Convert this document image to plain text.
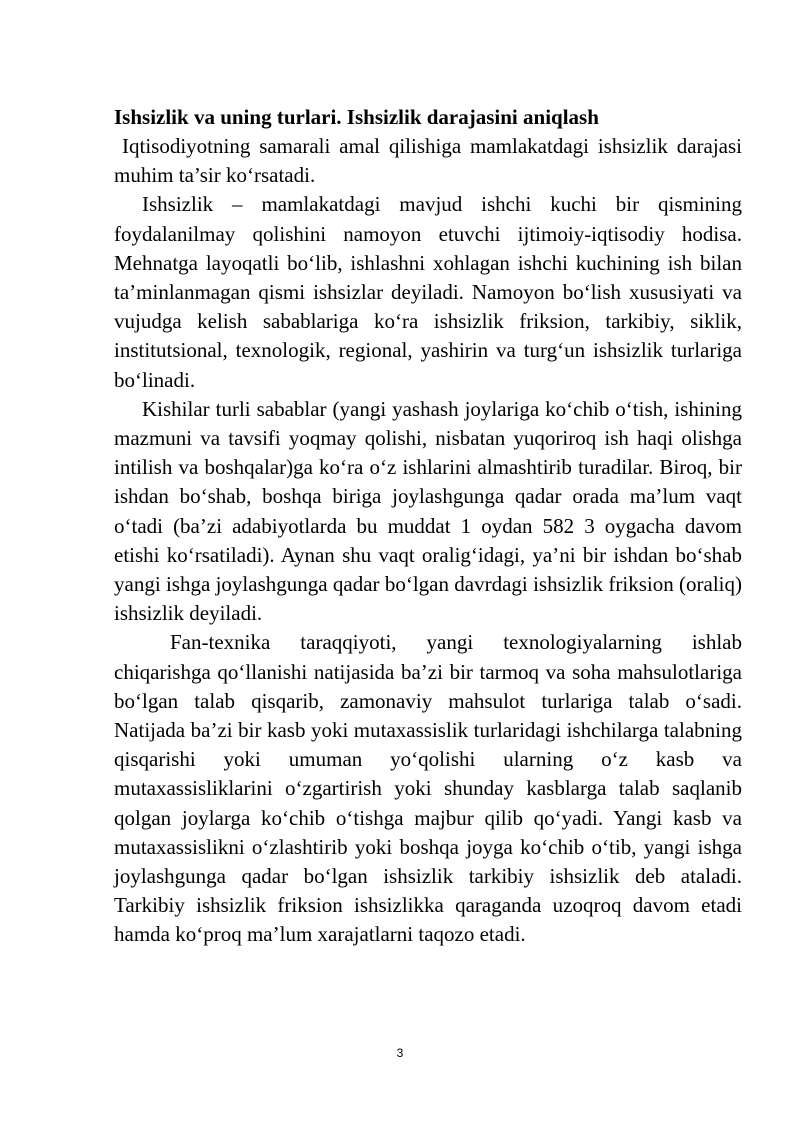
Ishsizlik va uning turlari. Ishsizlik darajasini aniqlash

Iqtisodiyotning samarali amal qilishiga mamlakatdagi ishsizlik darajasi muhim ta’sir ko‘rsatadi.

Ishsizlik – mamlakatdagi mavjud ishchi kuchi bir qismining foydalanilmay qolishini namoyon etuvchi ijtimoiy-iqtisodiy hodisa. Mehnatga layoqatli bo‘lib, ishlashni xohlagan ishchi kuchining ish bilan ta’minlanmagan qismi ishsizlar deyiladi. Namoyon bo‘lish xususiyati va vujudga kelish sabablariga ko‘ra ishsizlik friksion, tarkibiy, siklik, institutsional, texnologik, regional, yashirin va turg‘un ishsizlik turlariga bo‘linadi.

Kishilar turli sabablar (yangi yashash joylariga ko‘chib o‘tish, ishining mazmuni va tavsifi yoqmay qolishi, nisbatan yuqoriroq ish haqi olishga intilish va boshqalar)ga ko‘ra o‘z ishlarini almashtirib turadilar. Biroq, bir ishdan bo‘shab, boshqa biriga joylashgunga qadar orada ma’lum vaqt o‘tadi (ba’zi adabiyotlarda bu muddat 1 oydan 582 3 oygacha davom etishi ko‘rsatiladi). Aynan shu vaqt oralig‘idagi, ya’ni bir ishdan bo‘shab yangi ishga joylashgunga qadar bo‘lgan davrdagi ishsizlik friksion (oraliq) ishsizlik deyiladi.

Fan-texnika taraqqiyoti, yangi texnologiyalarning ishlab chiqarishga qo‘llanishi natijasida ba’zi bir tarmoq va soha mahsulotlariga bo‘lgan talab qisqarib, zamonaviy mahsulot turlariga talab o‘sadi. Natijada ba’zi bir kasb yoki mutaxassislik turlaridagi ishchilarga talabning qisqarishi yoki umuman yo‘qolishi ularning o‘z kasb va mutaxassisliklarini o‘zgartirish yoki shunday kasblarga talab saqlanib qolgan joylarga ko‘chib o‘tishga majbur qilib qo‘yadi. Yangi kasb va mutaxassislikni o‘zlashtirib yoki boshqa joyga ko‘chib o‘tib, yangi ishga joylashgunga qadar bo‘lgan ishsizlik tarkibiy ishsizlik deb ataladi. Tarkibiy ishsizlik friksion ishsizlikka qaraganda uzoqroq davom etadi hamda ko‘proq ma’lum xarajatlarni taqozo etadi.

3
